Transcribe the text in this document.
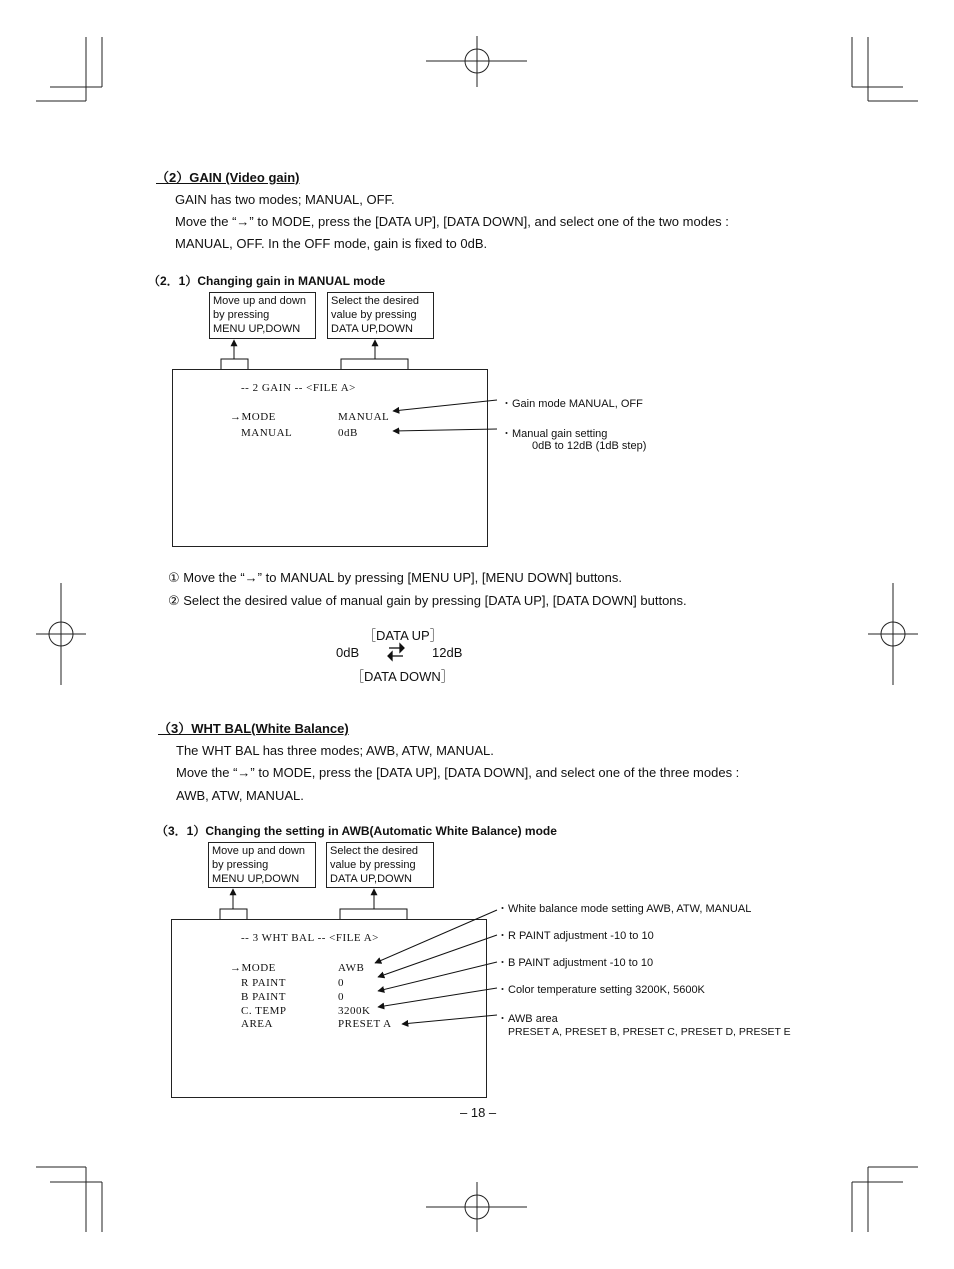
（2）GAIN (Video gain)
GAIN has two modes; MANUAL, OFF.
Move the “→” to MODE, press the [DATA UP], [DATA DOWN], and select one of the two modes :
MANUAL, OFF. In the OFF mode, gain is fixed to 0dB.
（2．1）Changing gain in MANUAL mode
Move up and down
by pressing
MENU UP,DOWN
Select the desired
value by pressing
DATA UP,DOWN
-- 2 GAIN -- <FILE A>
→MODE	MANUAL
MANUAL	0dB
・Gain mode MANUAL, OFF
・Manual gain setting
0dB to 12dB (1dB step)
① Move the “→” to MANUAL by pressing [MENU UP], [MENU DOWN] buttons.
② Select the desired value of manual gain by pressing [DATA UP], [DATA DOWN] buttons.
［DATA UP］
0dB	12dB
［DATA DOWN］
（3）WHT BAL(White Balance)
The WHT BAL has three modes; AWB, ATW, MANUAL.
Move the “→” to MODE, press the [DATA UP], [DATA DOWN], and select one of the three modes :
AWB, ATW, MANUAL.
（3．1）Changing the setting in AWB(Automatic White Balance) mode
Move up and down
by pressing
MENU UP,DOWN
Select the desired
value by pressing
DATA UP,DOWN
-- 3 WHT BAL -- <FILE A>
→MODE	AWB
R PAINT	0
B PAINT	0
C. TEMP	3200K
AREA	PRESET A
・White balance mode setting AWB, ATW, MANUAL
・R PAINT adjustment -10 to 10
・B PAINT adjustment -10 to 10
・Color temperature setting 3200K, 5600K
・AWB area
PRESET A, PRESET B, PRESET C, PRESET D, PRESET E
– 18 –
